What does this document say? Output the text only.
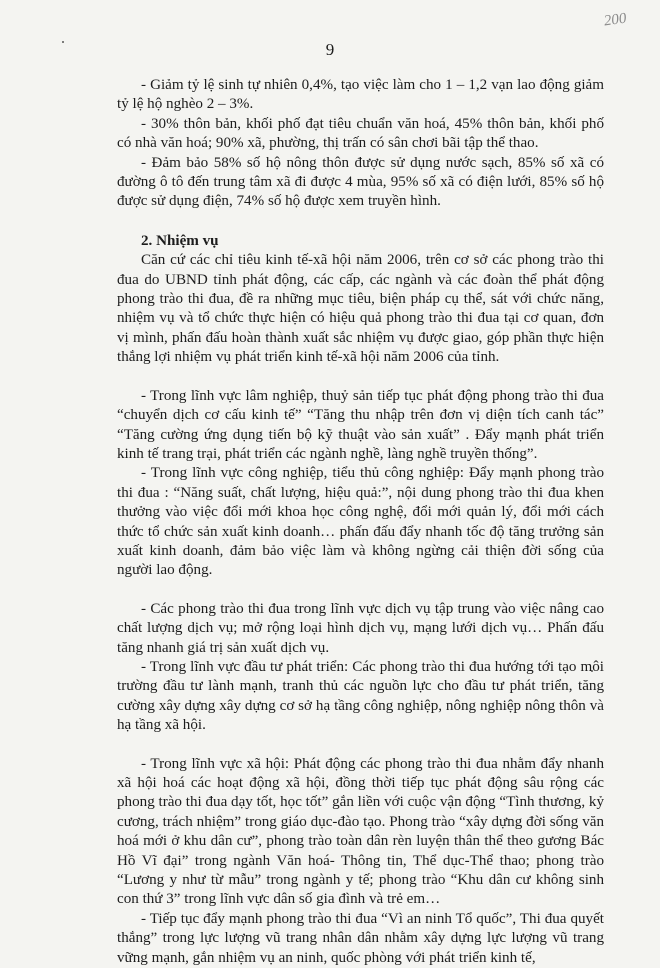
200
9

- Giảm tỷ lệ sinh tự nhiên 0,4%, tạo việc làm cho 1 – 1,2 vạn lao động giảm tỷ lệ hộ nghèo 2 – 3%.

- 30% thôn bản, khối phố đạt tiêu chuẩn văn hoá, 45% thôn bản, khối phố có nhà văn hoá; 90% xã, phường, thị trấn có sân chơi bãi tập thể thao.

- Đảm bảo 58% số hộ nông thôn được sử dụng nước sạch, 85% số xã có đường ô tô đến trung tâm xã đi được 4 mùa, 95% số xã có điện lưới, 85% số hộ được sử dụng điện, 74% số hộ được xem truyền hình.

2. Nhiệm vụ

Căn cứ các chỉ tiêu kinh tế-xã hội năm 2006, trên cơ sở các phong trào thi đua do UBND tỉnh phát động, các cấp, các ngành và các đoàn thể phát động phong trào thi đua, đề ra những mục tiêu, biện pháp cụ thể, sát với chức năng, nhiệm vụ và tổ chức thực hiện có hiệu quả phong trào thi đua tại cơ quan, đơn vị mình, phấn đấu hoàn thành xuất sắc nhiệm vụ được giao, góp phần thực hiện thắng lợi nhiệm vụ phát triển kinh tế-xã hội năm 2006 của tỉnh.

- Trong lĩnh vực lâm nghiệp, thuỷ sản tiếp tục phát động phong trào thi đua “chuyển dịch cơ cấu kinh tế” “Tăng thu nhập trên đơn vị diện tích canh tác” “Tăng cường ứng dụng tiến bộ kỹ thuật vào sản xuất” . Đẩy mạnh phát triển kinh tế trang trại, phát triển các ngành nghề, làng nghề truyền thống”.

- Trong lĩnh vực công nghiệp, tiểu thủ công nghiệp: Đẩy mạnh phong trào thi đua : “Năng suất, chất lượng, hiệu quả:”, nội dung phong trào thi đua khen thưởng vào việc đổi mới khoa học công nghệ, đổi mới quản lý, đổi mới cách thức tổ chức sản xuất kinh doanh… phấn đấu đẩy nhanh tốc độ tăng trưởng sản xuất kinh doanh, đảm bảo việc làm và không ngừng cải thiện đời sống của người lao động.

- Các phong trào thi đua trong lĩnh vực dịch vụ tập trung vào việc nâng cao chất lượng dịch vụ; mở rộng loại hình dịch vụ, mạng lưới dịch vụ… Phấn đấu tăng nhanh giá trị sản xuất dịch vụ.

- Trong lĩnh vực đầu tư phát triển: Các phong trào thi đua hướng tới tạo môi trường đầu tư lành mạnh, tranh thủ các nguồn lực cho đầu tư phát triển, tăng cường xây dựng xây dựng cơ sở hạ tầng công nghiệp, nông nghiệp nông thôn và hạ tầng xã hội.

- Trong lĩnh vực xã hội: Phát động các phong trào thi đua nhằm đẩy nhanh xã hội hoá các hoạt động xã hội, đồng thời tiếp tục phát động sâu rộng các phong trào thi đua dạy tốt, học tốt” gắn liền với cuộc vận động “Tình thương, kỷ cương, trách nhiệm” trong giáo dục-đào tạo. Phong trào “xây dựng đời sống văn hoá mới ở khu dân cư”, phong trào toàn dân rèn luyện thân thể theo gương Bác Hồ Vĩ đại” trong ngành Văn hoá- Thông tin, Thể dục-Thể thao; phong trào “Lương y như từ mẫu” trong ngành y tế; phong trào “Khu dân cư không sinh con thứ 3” trong lĩnh vực dân số gia đình và trẻ em…

- Tiếp tục đẩy mạnh phong trào thi đua “Vì an ninh Tổ quốc”, Thi đua quyết thắng” trong lực lượng vũ trang nhân dân nhằm xây dựng lực lượng vũ trang vững mạnh, gắn nhiệm vụ an ninh, quốc phòng với phát triển kinh tế,
